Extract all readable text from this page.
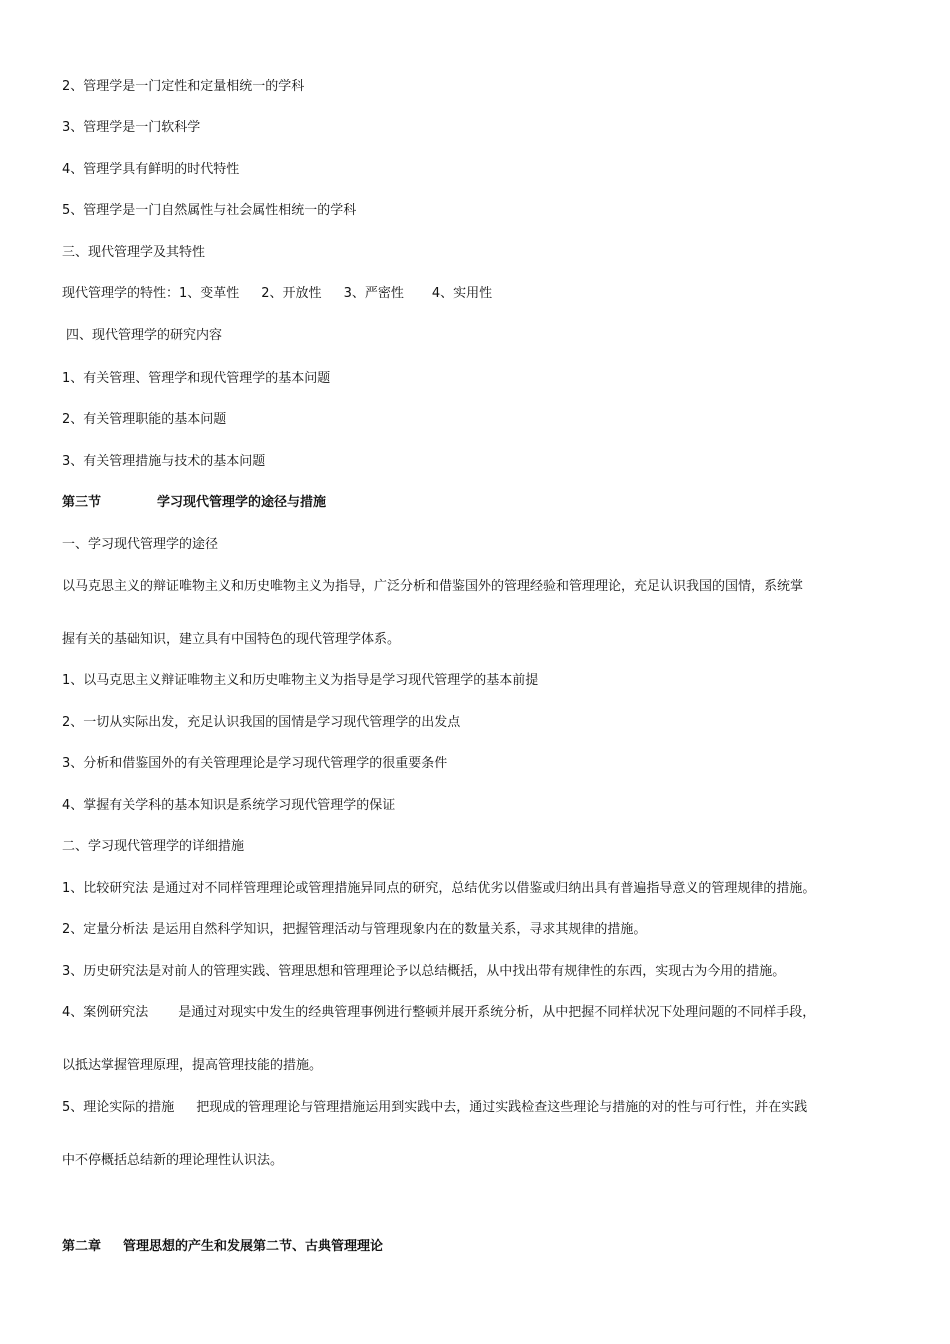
2、管理学是一门定性和定量相统一的学科
3、管理学是一门软科学
4、管理学具有鲜明的时代特性
5、管理学是一门自然属性与社会属性相统一的学科
三、现代管理学及其特性
现代管理学的特性：1、变革性 2、开放性 3、严密性 4、实用性
四、现代管理学的研究内容
1、有关管理、管理学和现代管理学的基本问题
2、有关管理职能的基本问题
3、有关管理措施与技术的基本问题
第三节	学习现代管理学的途径与措施
一、学习现代管理学的途径
以马克思主义的辩证唯物主义和历史唯物主义为指导，广泛分析和借鉴国外的管理经验和管理理论，充足认识我国的国情，系统掌
握有关的基础知识，建立具有中国特色的现代管理学体系。
1、以马克思主义辩证唯物主义和历史唯物主义为指导是学习现代管理学的基本前提
2、一切从实际出发，充足认识我国的国情是学习现代管理学的出发点
3、分析和借鉴国外的有关管理理论是学习现代管理学的很重要条件
4、掌握有关学科的基本知识是系统学习现代管理学的保证
二、学习现代管理学的详细措施
1、比较研究法 是通过对不同样管理理论或管理措施异同点的研究，总结优劣以借鉴或归纳出具有普遍指导意义的管理规律的措施。
2、定量分析法 是运用自然科学知识，把握管理活动与管理现象内在的数量关系，寻求其规律的措施。
3、历史研究法是对前人的管理实践、管理思想和管理理论予以总结概括，从中找出带有规律性的东西，实现古为今用的措施。
4、案例研究法 是通过对现实中发生的经典管理事例进行整顿并展开系统分析，从中把握不同样状况下处理问题的不同样手段，
以抵达掌握管理原理，提高管理技能的措施。
5、理论实际的措施 把现成的管理理论与管理措施运用到实践中去，通过实践检查这些理论与措施的对的性与可行性，并在实践
中不停概括总结新的理论理性认识法。
第二章 管理思想的产生和发展第二节、古典管理理论
